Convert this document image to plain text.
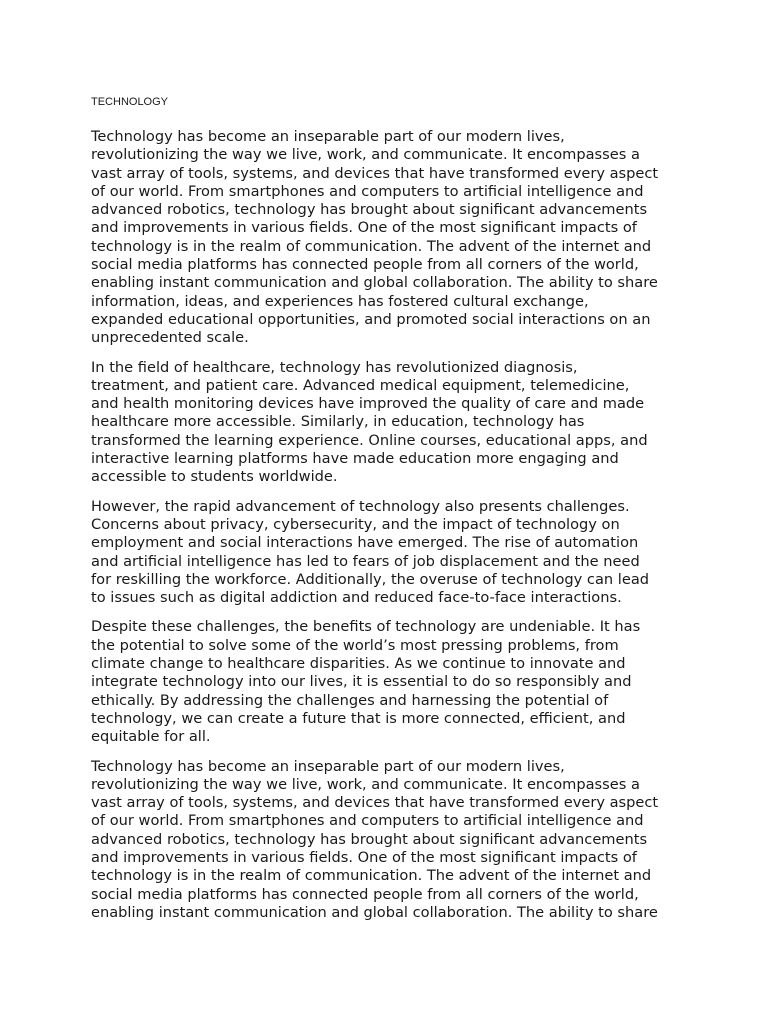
TECHNOLOGY

Technology has become an inseparable part of our modern lives,
revolutionizing the way we live, work, and communicate. It encompasses a
vast array of tools, systems, and devices that have transformed every aspect
of our world. From smartphones and computers to artificial intelligence and
advanced robotics, technology has brought about significant advancements
and improvements in various fields. One of the most significant impacts of
technology is in the realm of communication. The advent of the internet and
social media platforms has connected people from all corners of the world,
enabling instant communication and global collaboration. The ability to share
information, ideas, and experiences has fostered cultural exchange,
expanded educational opportunities, and promoted social interactions on an
unprecedented scale.

In the field of healthcare, technology has revolutionized diagnosis,
treatment, and patient care. Advanced medical equipment, telemedicine,
and health monitoring devices have improved the quality of care and made
healthcare more accessible. Similarly, in education, technology has
transformed the learning experience. Online courses, educational apps, and
interactive learning platforms have made education more engaging and
accessible to students worldwide.

However, the rapid advancement of technology also presents challenges.
Concerns about privacy, cybersecurity, and the impact of technology on
employment and social interactions have emerged. The rise of automation
and artificial intelligence has led to fears of job displacement and the need
for reskilling the workforce. Additionally, the overuse of technology can lead
to issues such as digital addiction and reduced face-to-face interactions.

Despite these challenges, the benefits of technology are undeniable. It has
the potential to solve some of the world’s most pressing problems, from
climate change to healthcare disparities. As we continue to innovate and
integrate technology into our lives, it is essential to do so responsibly and
ethically. By addressing the challenges and harnessing the potential of
technology, we can create a future that is more connected, efficient, and
equitable for all.

Technology has become an inseparable part of our modern lives,
revolutionizing the way we live, work, and communicate. It encompasses a
vast array of tools, systems, and devices that have transformed every aspect
of our world. From smartphones and computers to artificial intelligence and
advanced robotics, technology has brought about significant advancements
and improvements in various fields. One of the most significant impacts of
technology is in the realm of communication. The advent of the internet and
social media platforms has connected people from all corners of the world,
enabling instant communication and global collaboration. The ability to share
